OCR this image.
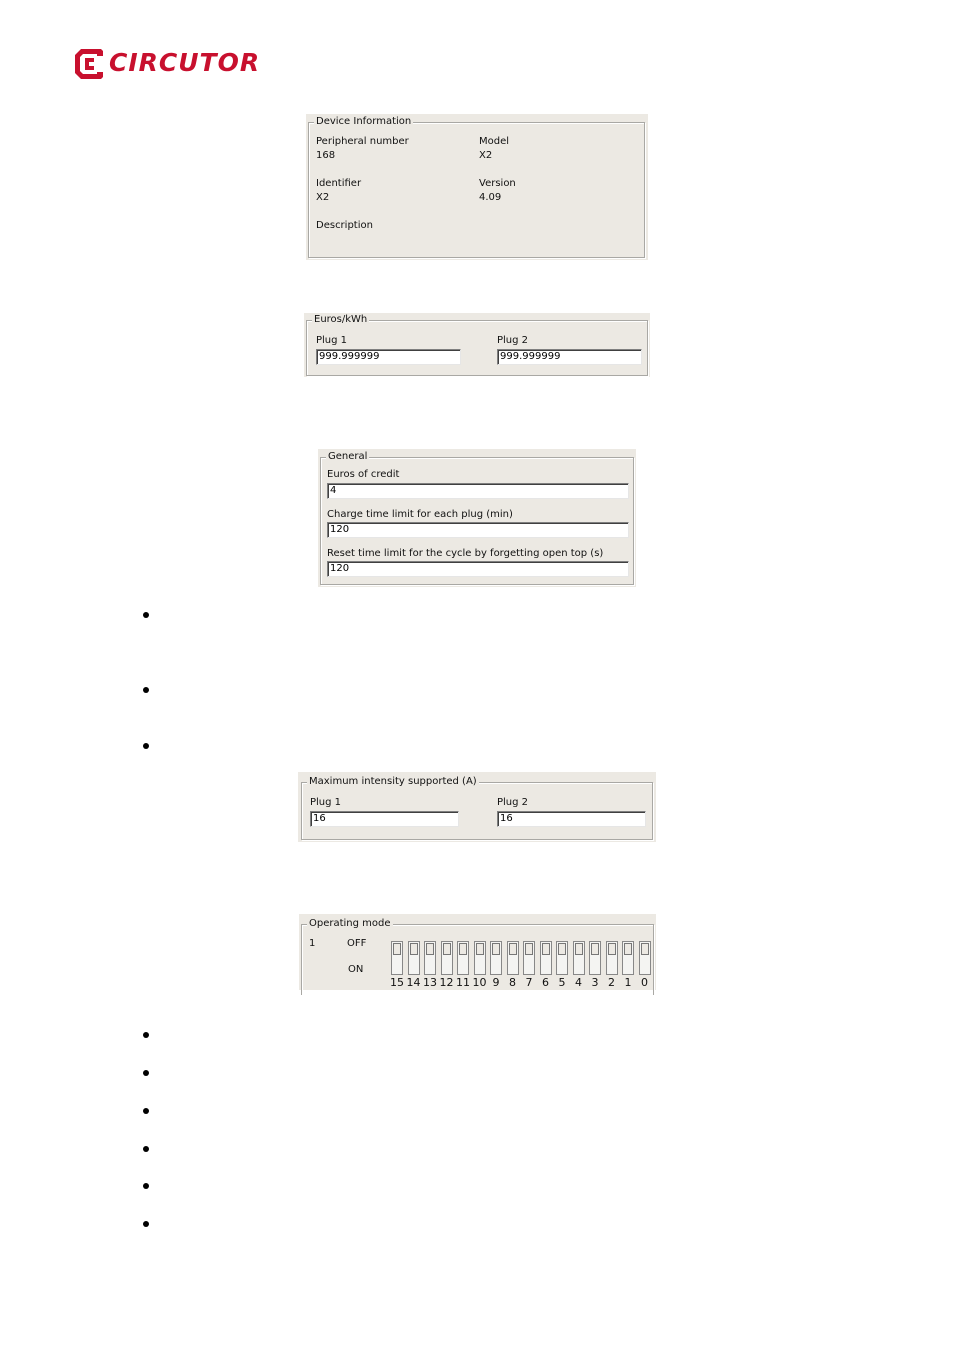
CIRCUTOR
Device Information
Peripheral number
168
Model
X2
Identifier
X2
Version
4.09
Description
Euros/kWh
Plug 1
999.999999
Plug 2
999.999999
General
Euros of credit
4
Charge time limit for each plug (min)
120
Reset time limit for the cycle by forgetting open top (s)
120
Maximum intensity supported (A)
Plug 1
16
Plug 2
16
Operating mode
1	OFF
ON
15 14 13 12 11 10 9 8 7 6 5 4 3 2 1 0
